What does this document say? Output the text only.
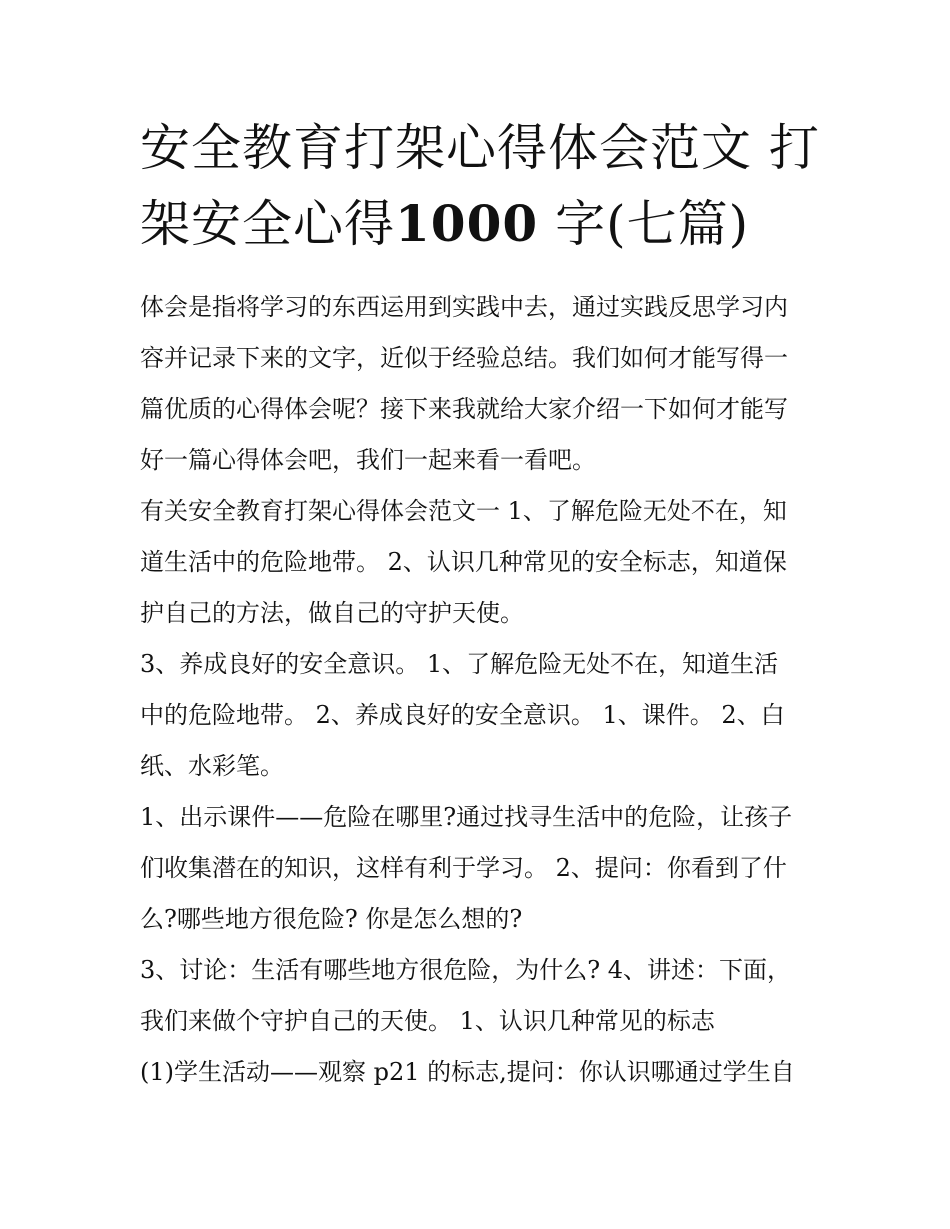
安全教育打架心得体会范文 打
架安全心得1000 字(七篇)

体会是指将学习的东西运用到实践中去，通过实践反思学习内
容并记录下来的文字，近似于经验总结。我们如何才能写得一
篇优质的心得体会呢？接下来我就给大家介绍一下如何才能写
好一篇心得体会吧，我们一起来看一看吧。

有关安全教育打架心得体会范文一 1、了解危险无处不在，知
道生活中的危险地带。 2、认识几种常见的安全标志，知道保
护自己的方法，做自己的守护天使。

3、养成良好的安全意识。 1、了解危险无处不在，知道生活
中的危险地带。 2、养成良好的安全意识。 1、课件。 2、白
纸、水彩笔。

1、出示课件——危险在哪里?通过找寻生活中的危险，让孩子
们收集潜在的知识，这样有利于学习。 2、提问：你看到了什
么?哪些地方很危险? 你是怎么想的?

3、讨论：生活有哪些地方很危险，为什么? 4、讲述：下面，
我们来做个守护自己的天使。 1、认识几种常见的标志

(1)学生活动——观察 p21 的标志,提问：你认识哪通过学生自
